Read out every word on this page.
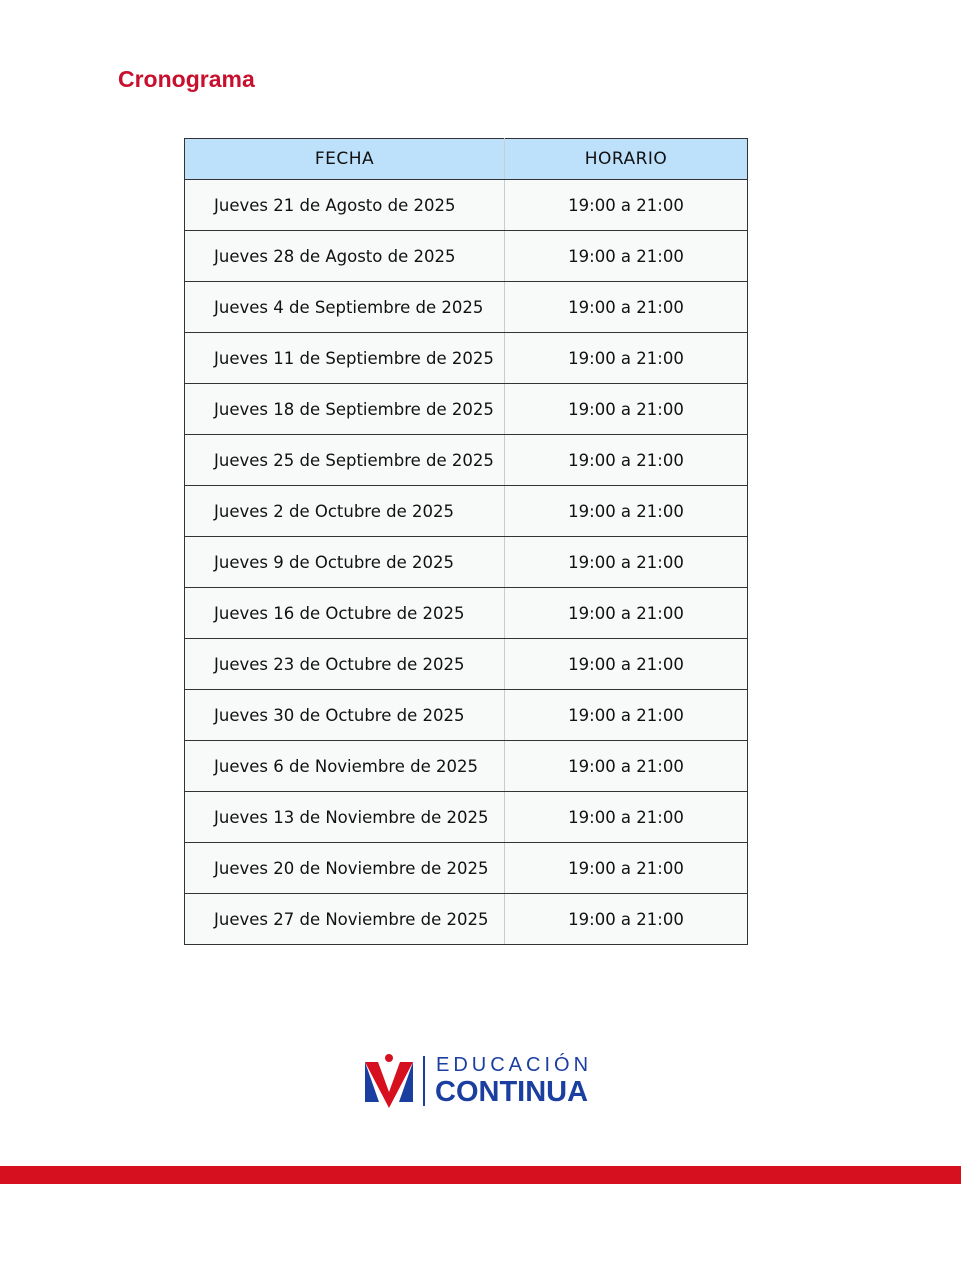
Cronograma
FECHA	HORARIO
Jueves 21 de Agosto de 2025	19:00 a 21:00
Jueves 28 de Agosto de 2025	19:00 a 21:00
Jueves 4 de Septiembre de 2025	19:00 a 21:00
Jueves 11 de Septiembre de 2025	19:00 a 21:00
Jueves 18 de Septiembre de 2025	19:00 a 21:00
Jueves 25 de Septiembre de 2025	19:00 a 21:00
Jueves 2 de Octubre de 2025	19:00 a 21:00
Jueves 9 de Octubre de 2025	19:00 a 21:00
Jueves 16 de Octubre de 2025	19:00 a 21:00
Jueves 23 de Octubre de 2025	19:00 a 21:00
Jueves 30 de Octubre de 2025	19:00 a 21:00
Jueves 6 de Noviembre de 2025	19:00 a 21:00
Jueves 13 de Noviembre de 2025	19:00 a 21:00
Jueves 20 de Noviembre de 2025	19:00 a 21:00
Jueves 27 de Noviembre de 2025	19:00 a 21:00
EDUCACIÓN
CONTINUA
